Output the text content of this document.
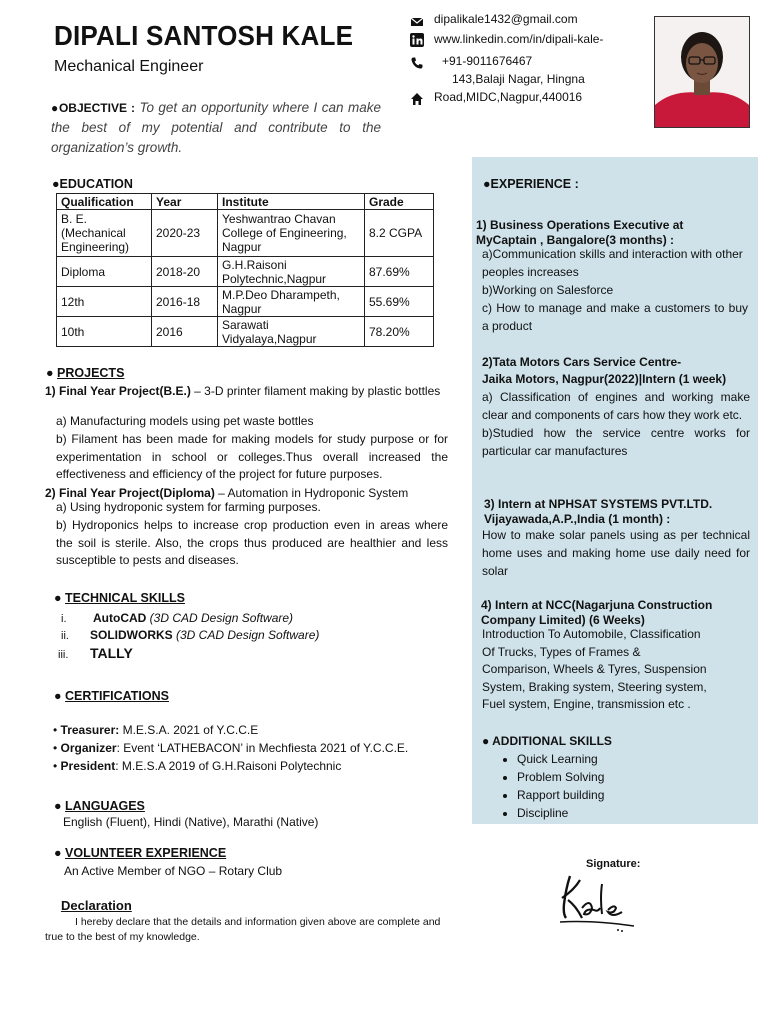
DIPALI SANTOSH KALE
Mechanical Engineer
dipalikale1432@gmail.com
www.linkedin.com/in/dipali-kale-
+91-9011676467
143,Balaji Nagar, Hingna
Road,MIDC,Nagpur,440016
●OBJECTIVE : To get an opportunity where I can make the best of my potential and contribute to the organization’s growth.
●EDUCATION
Qualification	Year	Institute	Grade
B. E. (Mechanical Engineering)	2020-23	Yeshwantrao Chavan College of Engineering, Nagpur	8.2 CGPA
Diploma	2018-20	G.H.Raisoni Polytechnic,Nagpur	87.69%
12th	2016-18	M.P.Deo Dharampeth, Nagpur	55.69%
10th	2016	Sarawati Vidyalaya,Nagpur	78.20%
● PROJECTS
1) Final Year Project(B.E.) – 3-D printer filament making by plastic bottles
a) Manufacturing models using pet waste bottles
b) Filament has been made for making models for study purpose or for experimentation in school or colleges.Thus overall increased the effectiveness and efficiency of the project for future purposes.
2) Final Year Project(Diploma) – Automation in Hydroponic System
a) Using hydroponic system for farming purposes.
b) Hydroponics helps to increase crop production even in areas where the soil is sterile. Also, the crops thus produced are healthier and less susceptible to pests and diseases.
● TECHNICAL SKILLS
i. AutoCAD (3D CAD Design Software)
ii. SOLIDWORKS (3D CAD Design Software)
iii. TALLY
● CERTIFICATIONS
• Treasurer: M.E.S.A. 2021 of Y.C.C.E
• Organizer: Event ‘LATHEBACON’ in Mechfiesta 2021 of Y.C.C.E.
• President: M.E.S.A 2019 of G.H.Raisoni Polytechnic
● LANGUAGES
English (Fluent), Hindi (Native), Marathi (Native)
● VOLUNTEER EXPERIENCE
An Active Member of NGO – Rotary Club
Declaration
I hereby declare that the details and information given above are complete and true to the best of my knowledge.
Signature:
●EXPERIENCE :
1) Business Operations Executive at
MyCaptain , Bangalore(3 months) :
a)Communication skills and interaction with other peoples increases
b)Working on Salesforce
c) How to manage and make a customers to buy a product
2)Tata Motors Cars Service Centre-
Jaika Motors, Nagpur(2022)|Intern (1 week)
a) Classification of engines and working make clear and components of cars how they work etc.
b)Studied how the service centre works for particular car manufactures
3) Intern at NPHSAT SYSTEMS PVT.LTD.
Vijayawada,A.P.,India (1 month) :
How to make solar panels using as per technical home uses and making home use daily need for solar
4) Intern at NCC(Nagarjuna Construction
Company Limited) (6 Weeks)
Introduction To Automobile, Classification
Of Trucks, Types of Frames &
Comparison, Wheels & Tyres, Suspension
System, Braking system, Steering system,
Fuel system, Engine, transmission etc .
● ADDITIONAL SKILLS
• Quick Learning
• Problem Solving
• Rapport building
• Discipline
